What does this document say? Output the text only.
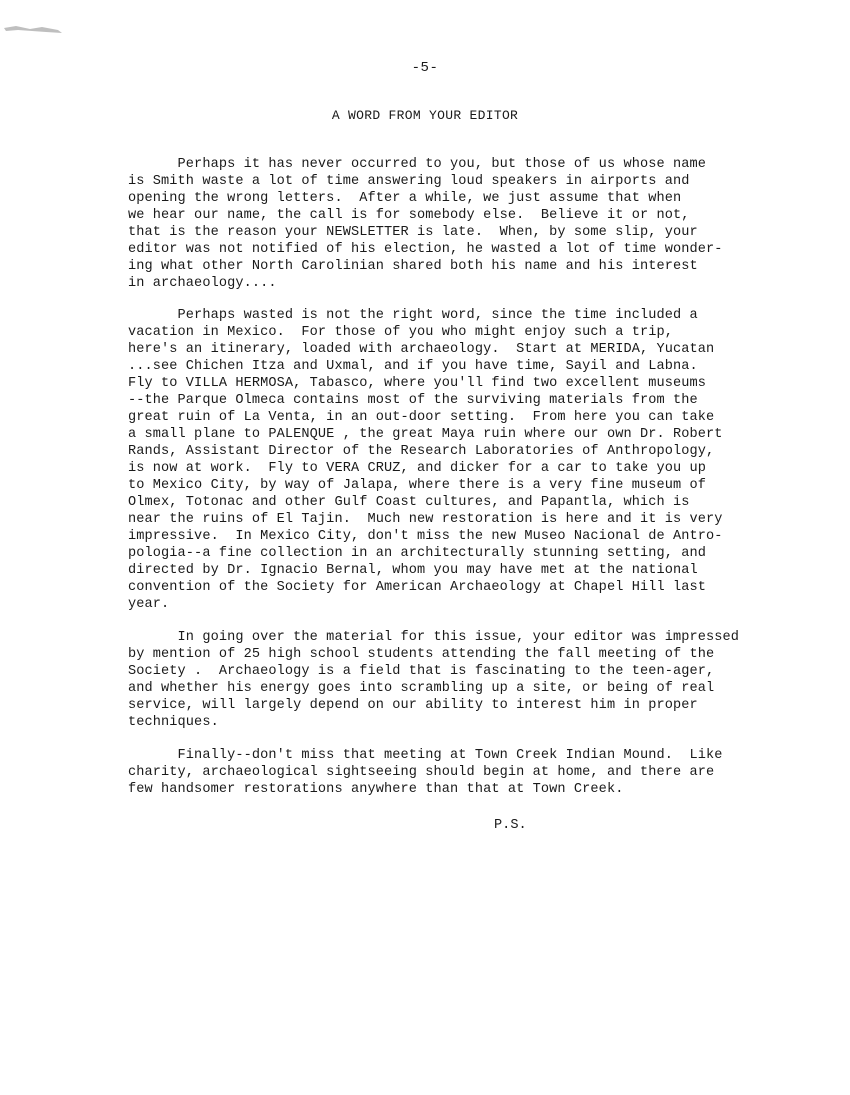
-5-
A WORD FROM YOUR EDITOR

Perhaps it has never occurred to you, but those of us whose name
is Smith waste a lot of time answering loud speakers in airports and
opening the wrong letters.  After a while, we just assume that when
we hear our name, the call is for somebody else.  Believe it or not,
that is the reason your NEWSLETTER is late.  When, by some slip, your
editor was not notified of his election, he wasted a lot of time wonder-
ing what other North Carolinian shared both his name and his interest
in archaeology....

Perhaps wasted is not the right word, since the time included a
vacation in Mexico.  For those of you who might enjoy such a trip,
here's an itinerary, loaded with archaeology.  Start at MERIDA, Yucatan
...see Chichen Itza and Uxmal, and if you have time, Sayil and Labna.
Fly to VILLA HERMOSA, Tabasco, where you'll find two excellent museums
--the Parque Olmeca contains most of the surviving materials from the
great ruin of La Venta, in an out-door setting.  From here you can take
a small plane to PALENQUE , the great Maya ruin where our own Dr. Robert
Rands, Assistant Director of the Research Laboratories of Anthropology,
is now at work.  Fly to VERA CRUZ, and dicker for a car to take you up
to Mexico City, by way of Jalapa, where there is a very fine museum of
Olmex, Totonac and other Gulf Coast cultures, and Papantla, which is
near the ruins of El Tajin.  Much new restoration is here and it is very
impressive.  In Mexico City, don't miss the new Museo Nacional de Antro-
pologia--a fine collection in an architecturally stunning setting, and
directed by Dr. Ignacio Bernal, whom you may have met at the national
convention of the Society for American Archaeology at Chapel Hill last
year.

In going over the material for this issue, your editor was impressed
by mention of 25 high school students attending the fall meeting of the
Society .  Archaeology is a field that is fascinating to the teen-ager,
and whether his energy goes into scrambling up a site, or being of real
service, will largely depend on our ability to interest him in proper
techniques.

Finally--don't miss that meeting at Town Creek Indian Mound.  Like
charity, archaeological sightseeing should begin at home, and there are
few handsomer restorations anywhere than that at Town Creek.

P.S.
